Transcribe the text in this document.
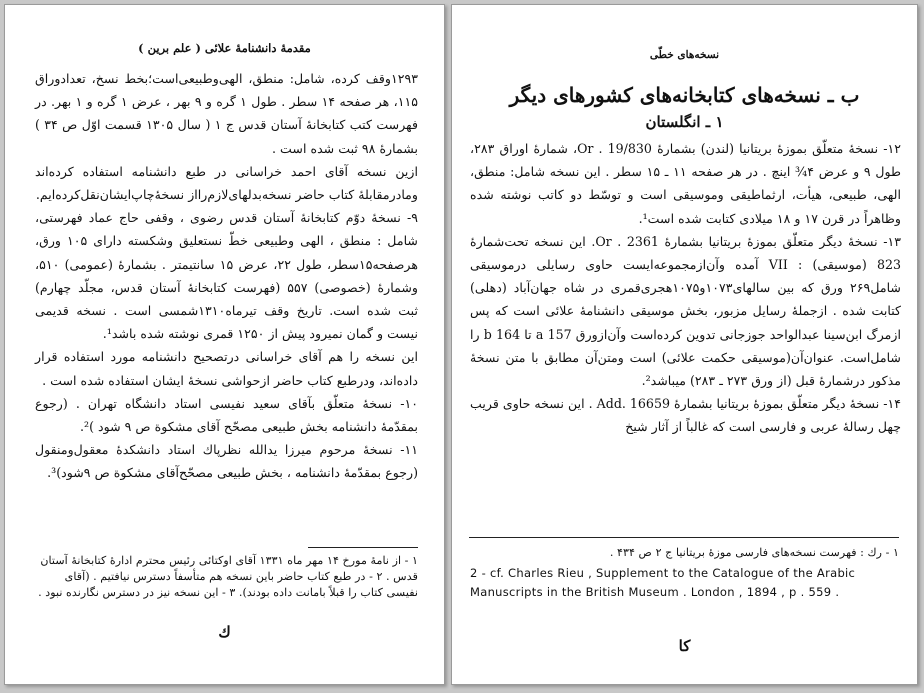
مقدمهٔ دانشنامهٔ علائی ( علم برین )

۱۲۹۳وقف کرده، شامل: منطق، الهی‌وطبیعی‌است؛‌بخط‌ نسخ، تعدادوراق ۱۱۵، هر صفحه ۱۴ سطر . طول ۱ گره و ۹ بهر ، عرض ۱ گره و ۱ بهر. در فهرست کتب کتابخانهٔ آستان قدس ج ۱ ( سال ۱۳۰۵ قسمت اوّل ص ۳۴ ) بشمارهٔ ۹۸ ثبت شده است .

ازین نسخه آقای احمد خراسانی در طبع دانشنامه استفاده کرده‌اند ومادرمقابلهٔ کتاب حاضر نسخه‌بدلهای‌لازم‌را‌از نسخهٔ‌چاپ‌ایشان‌نقل‌کرده‌ایم.

۹- نسخهٔ دوّم کتابخانهٔ آستان قدس رضوی ، وقفی حاج عماد فهرستی، شامل : منطق ، الهی وطبیعی خطّ نستعلیق وشکسته دارای ۱۰۵ ورق، هرصفحه۱۵سطر، طول ۲۲، عرض ۱۵ سانتیمتر . بشمارهٔ (عمومی) ۵۱۰، وشمارهٔ (خصوصی) ۵۵۷ (فهرست کتابخانهٔ آستان قدس، مجلّد چهارم) ثبت شده است. تاریخ وقف تیرماه۱۳۱۰شمسی است . نسخه قدیمی نیست و گمان نمیرود پیش از ۱۲۵۰ قمری نوشته شده باشد¹.

این نسخه را هم آقای خراسانی درتصحیح دانشنامه مورد استفاده قرار داده‌اند، ودرطبع کتاب حاضر ازحواشی نسخهٔ ایشان استفاده شده است .

۱۰- نسخهٔ متعلّق بآقای سعید نفیسی استاد دانشگاه تهران . (رجوع بمقدّمهٔ دانشنامه بخش طبیعی مصحّح آقای مشکوة ص ۹ شود )².

۱۱- نسخهٔ مرحوم میرزا یدالله نظرپاك استاد دانشکدهٔ معقول‌ومنقول (رجوع بمقدّمهٔ دانشنامه ، بخش طبیعی مصحّح‌آقای مشکوة ص ۹شود)³.

۱ - از نامهٔ مورخ ۱۴ مهر ماه ۱۳۳۱ آقای اوکتائی رئیس محترم ادارهٔ کتابخانهٔ آستان قدس . ۲ - در طبع کتاب حاضر باین نسخه هم متأسفاً دسترس نیافتیم . (آقای نفیسی کتاب را قبلاً بامانت داده بودند). ۳ - این نسخه نیز در دسترس نگارنده نبود .

ك
نسخه‌های خطّی
ب ـ نسخه‌های کتابخانه‌های کشورهای دیگر
۱ ـ انگلستان

۱۲- نسخهٔ متعلّق بموزهٔ بریتانیا (لندن) بشمارهٔ Or . 19/830، شمارهٔ اوراق ۲۸۳، طول ۹ و عرض ۴¾ اینچ . در هر صفحه ۱۱ ـ ۱۵ سطر . این نسخه شامل: منطق، الهی، طبیعی، هیأت، ارثماطیقی وموسیقی است و توسّط دو کاتب نوشته شده وظاهراً در قرن ۱۷ و ۱۸ میلادی کتابت شده است¹.

۱۳- نسخهٔ دیگر متعلّق بموزهٔ بریتانیا بشمارهٔ Or . 2361. این نسخه تحت‌شمارهٔ 823 (موسیقی) : VII آمده وآن‌ازمجموعه‌ایست حاوی رسایلی درموسیقی شامل۲۶۹ ورق که بین سالهای۱۰۷۳و۱۰۷۵هجری‌قمری در شاه جهان‌آباد (دهلی) کتابت شده . ازجملهٔ رسایل مزبور، بخش موسیقی دانشنامهٔ علائی است که پس ازمرگ ابن‌سینا عبدالواحد جوزجانی تدوین کرده‌است وآن‌ازورق 157 a تا 164 b را شامل‌است. عنوان‌آن(موسیقی حکمت علائی) است ومتن‌آن مطابق با متن نسخهٔ مذکور درشمارهٔ قبل (از ورق ۲۷۳ ـ ۲۸۳) میباشد².

۱۴- نسخهٔ دیگر متعلّق بموزهٔ بریتانیا بشمارهٔ Add. 16659 . این نسخه حاوی قریب چهل رسالهٔ عربی و فارسی است که غالباً از آثار شیخ‌

۱ - رك : فهرست نسخه‌های فارسی موزهٔ بریتانیا ج ۲ ص ۴۳۴ .

2 - cf. Charles Rieu , Supplement to the Catalogue of the Arabic Manuscripts in the British Museum . London , 1894 , p . 559 .

كا
